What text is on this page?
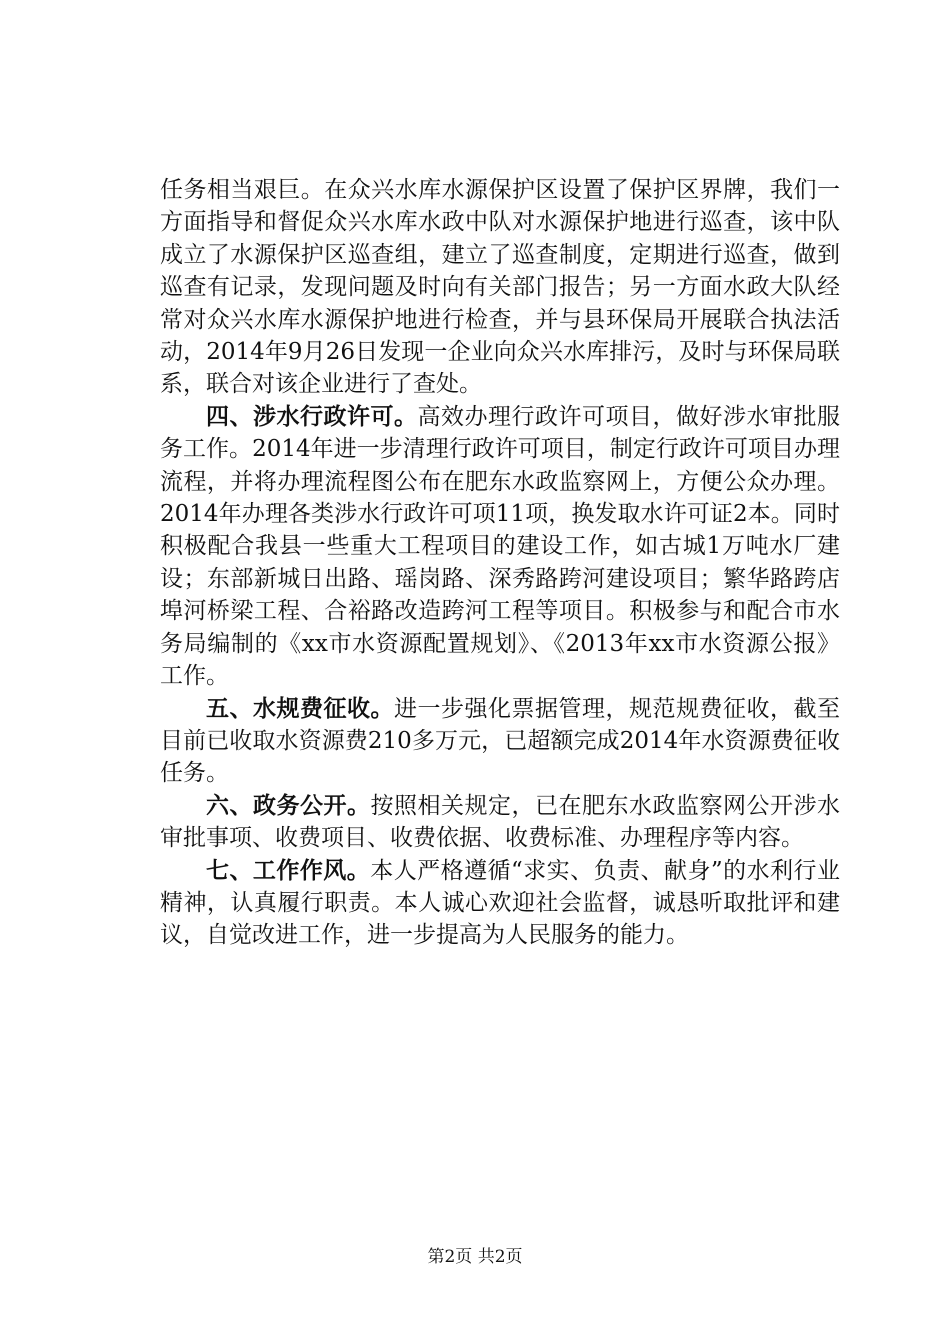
任务相当艰巨。在众兴水库水源保护区设置了保护区界牌，我们一方面指导和督促众兴水库水政中队对水源保护地进行巡查，该中队成立了水源保护区巡查组，建立了巡查制度，定期进行巡查，做到巡查有记录，发现问题及时向有关部门报告；另一方面水政大队经常对众兴水库水源保护地进行检查，并与县环保局开展联合执法活动，2014年9月26日发现一企业向众兴水库排污，及时与环保局联系，联合对该企业进行了查处。

四、涉水行政许可。高效办理行政许可项目，做好涉水审批服务工作。2014年进一步清理行政许可项目，制定行政许可项目办理流程，并将办理流程图公布在肥东水政监察网上，方便公众办理。2014年办理各类涉水行政许可项11项，换发取水许可证2本。同时积极配合我县一些重大工程项目的建设工作，如古城1万吨水厂建设；东部新城日出路、瑶岗路、深秀路跨河建设项目；繁华路跨店埠河桥梁工程、合裕路改造跨河工程等项目。积极参与和配合市水务局编制的《xx市水资源配置规划》、《2013年xx市水资源公报》工作。

五、水规费征收。进一步强化票据管理，规范规费征收，截至目前已收取水资源费210多万元，已超额完成2014年水资源费征收任务。

六、政务公开。按照相关规定，已在肥东水政监察网公开涉水审批事项、收费项目、收费依据、收费标准、办理程序等内容。

七、工作作风。本人严格遵循“求实、负责、献身”的水利行业精神，认真履行职责。本人诚心欢迎社会监督，诚恳听取批评和建议，自觉改进工作，进一步提高为人民服务的能力。

第2页 共2页
